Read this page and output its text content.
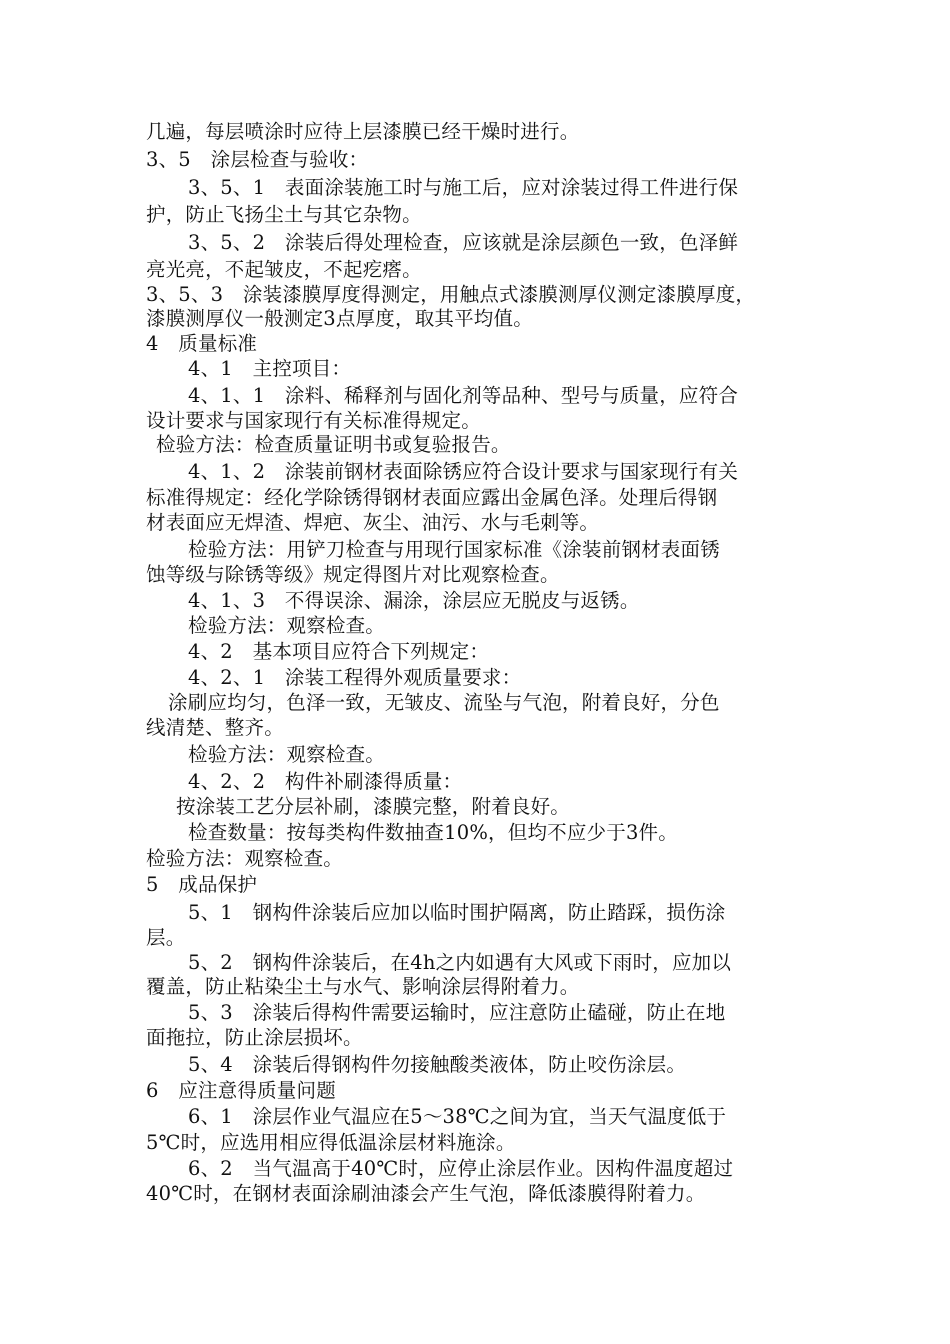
几遍，每层喷涂时应待上层漆膜已经干燥时进行。
3、5　涂层检查与验收：
3、5、1　表面涂装施工时与施工后，应对涂装过得工件进行保
护，防止飞扬尘土与其它杂物。
3、5、2　涂装后得处理检查，应该就是涂层颜色一致，色泽鲜
亮光亮，不起皱皮，不起疙瘩。
3、5、3　涂装漆膜厚度得测定，用触点式漆膜测厚仪测定漆膜厚度，
漆膜测厚仪一般测定3点厚度，取其平均值。
4　质量标准
4、1　主控项目：
4、1、1　涂料、稀释剂与固化剂等品种、型号与质量，应符合
设计要求与国家现行有关标准得规定。
检验方法：检查质量证明书或复验报告。
4、1、2　涂装前钢材表面除锈应符合设计要求与国家现行有关
标准得规定：经化学除锈得钢材表面应露出金属色泽。处理后得钢
材表面应无焊渣、焊疤、灰尘、油污、水与毛刺等。
检验方法：用铲刀检查与用现行国家标准《涂装前钢材表面锈
蚀等级与除锈等级》规定得图片对比观察检查。
4、1、3　不得误涂、漏涂，涂层应无脱皮与返锈。
检验方法：观察检查。
4、2　基本项目应符合下列规定：
4、2、1　涂装工程得外观质量要求：
涂刷应均匀，色泽一致，无皱皮、流坠与气泡，附着良好，分色
线清楚、整齐。
检验方法：观察检查。
4、2、2　构件补刷漆得质量：
按涂装工艺分层补刷，漆膜完整，附着良好。
检查数量：按每类构件数抽查10%，但均不应少于3件。
检验方法：观察检查。
5　成品保护
5、1　钢构件涂装后应加以临时围护隔离，防止踏踩，损伤涂
层。
5、2　钢构件涂装后，在4h之内如遇有大风或下雨时，应加以
覆盖，防止粘染尘土与水气、影响涂层得附着力。
5、3　涂装后得构件需要运输时，应注意防止磕碰，防止在地
面拖拉，防止涂层损坏。
5、4　涂装后得钢构件勿接触酸类液体，防止咬伤涂层。
6　应注意得质量问题
6、1　涂层作业气温应在5～38℃之间为宜，当天气温度低于
5℃时，应选用相应得低温涂层材料施涂。
6、2　当气温高于40℃时，应停止涂层作业。因构件温度超过
40℃时，在钢材表面涂刷油漆会产生气泡，降低漆膜得附着力。
